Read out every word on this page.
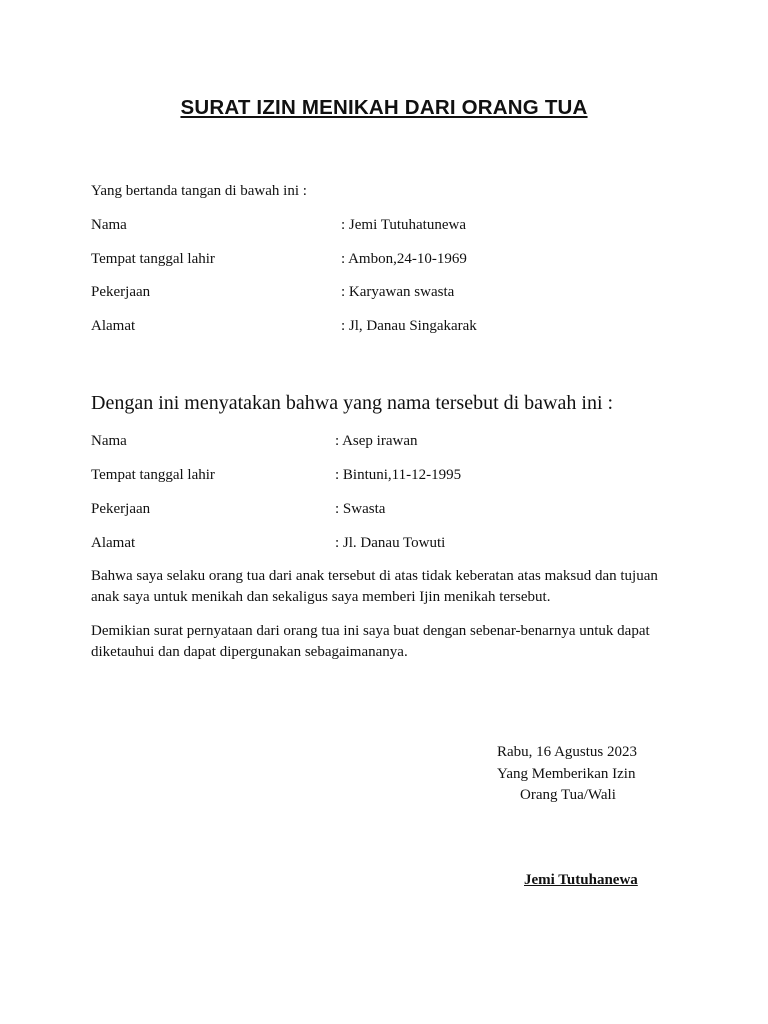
SURAT IZIN MENIKAH DARI ORANG TUA
Yang bertanda tangan di bawah ini :
Nama	: Jemi Tutuhatunewa
Tempat tanggal lahir	: Ambon,24-10-1969
Pekerjaan	: Karyawan swasta
Alamat	: Jl, Danau Singakarak
Dengan ini menyatakan bahwa yang nama tersebut di bawah ini :
Nama	: Asep irawan
Tempat tanggal lahir	: Bintuni,11-12-1995
Pekerjaan	: Swasta
Alamat	: Jl. Danau Towuti
Bahwa saya selaku orang tua dari anak tersebut di atas tidak keberatan atas maksud dan tujuan anak saya untuk menikah dan sekaligus saya memberi Ijin menikah tersebut.
Demikian surat pernyataan dari orang tua ini saya buat dengan sebenar-benarnya untuk dapat diketauhui dan dapat dipergunakan sebagaimananya.
Rabu, 16 Agustus 2023
Yang Memberikan Izin
Orang Tua/Wali
Jemi Tutuhanewa
